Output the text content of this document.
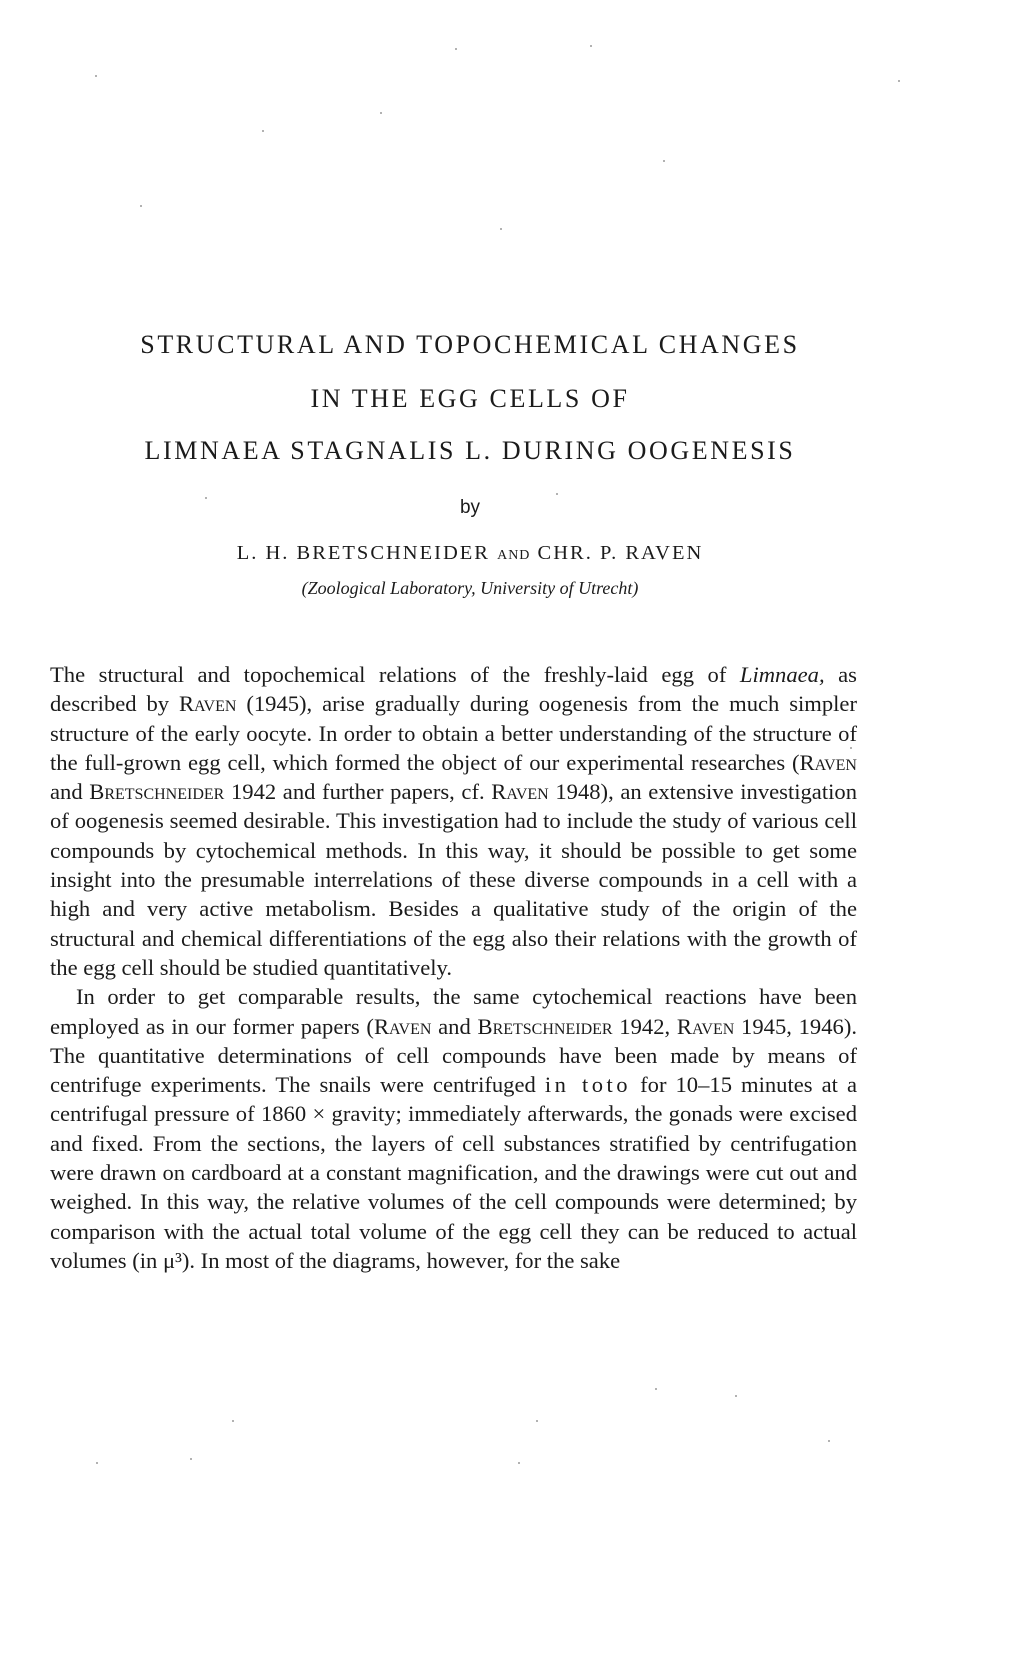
STRUCTURAL AND TOPOCHEMICAL CHANGES
IN THE EGG CELLS OF
LIMNAEA STAGNALIS L. DURING OOGENESIS
by
L. H. BRETSCHNEIDER AND CHR. P. RAVEN
(Zoological Laboratory, University of Utrecht)

The structural and topochemical relations of the freshly-laid egg of Limnaea, as described by Raven (1945), arise gradually during oogenesis from the much simpler structure of the early oocyte. In order to obtain a better understanding of the structure of the full-grown egg cell, which formed the object of our experimental researches (Raven and Bretschneider 1942 and further papers, cf. Raven 1948), an extensive investigation of oogenesis seemed desirable. This investigation had to include the study of various cell compounds by cytochemical methods. In this way, it should be possible to get some insight into the presumable interrelations of these diverse compounds in a cell with a high and very active metabolism. Besides a qualitative study of the origin of the structural and chemical differentiations of the egg also their relations with the growth of the egg cell should be studied quantitatively.

In order to get comparable results, the same cytochemical reactions have been employed as in our former papers (Raven and Bretschneider 1942, Raven 1945, 1946). The quantitative determinations of cell compounds have been made by means of centrifuge experiments. The snails were centrifuged in toto for 10–15 minutes at a centrifugal pressure of 1860 × gravity; immediately afterwards, the gonads were excised and fixed. From the sections, the layers of cell substances stratified by centrifugation were drawn on cardboard at a constant magnification, and the drawings were cut out and weighed. In this way, the relative volumes of the cell compounds were determined; by comparison with the actual total volume of the egg cell they can be reduced to actual volumes (in μ³). In most of the diagrams, however, for the sake
